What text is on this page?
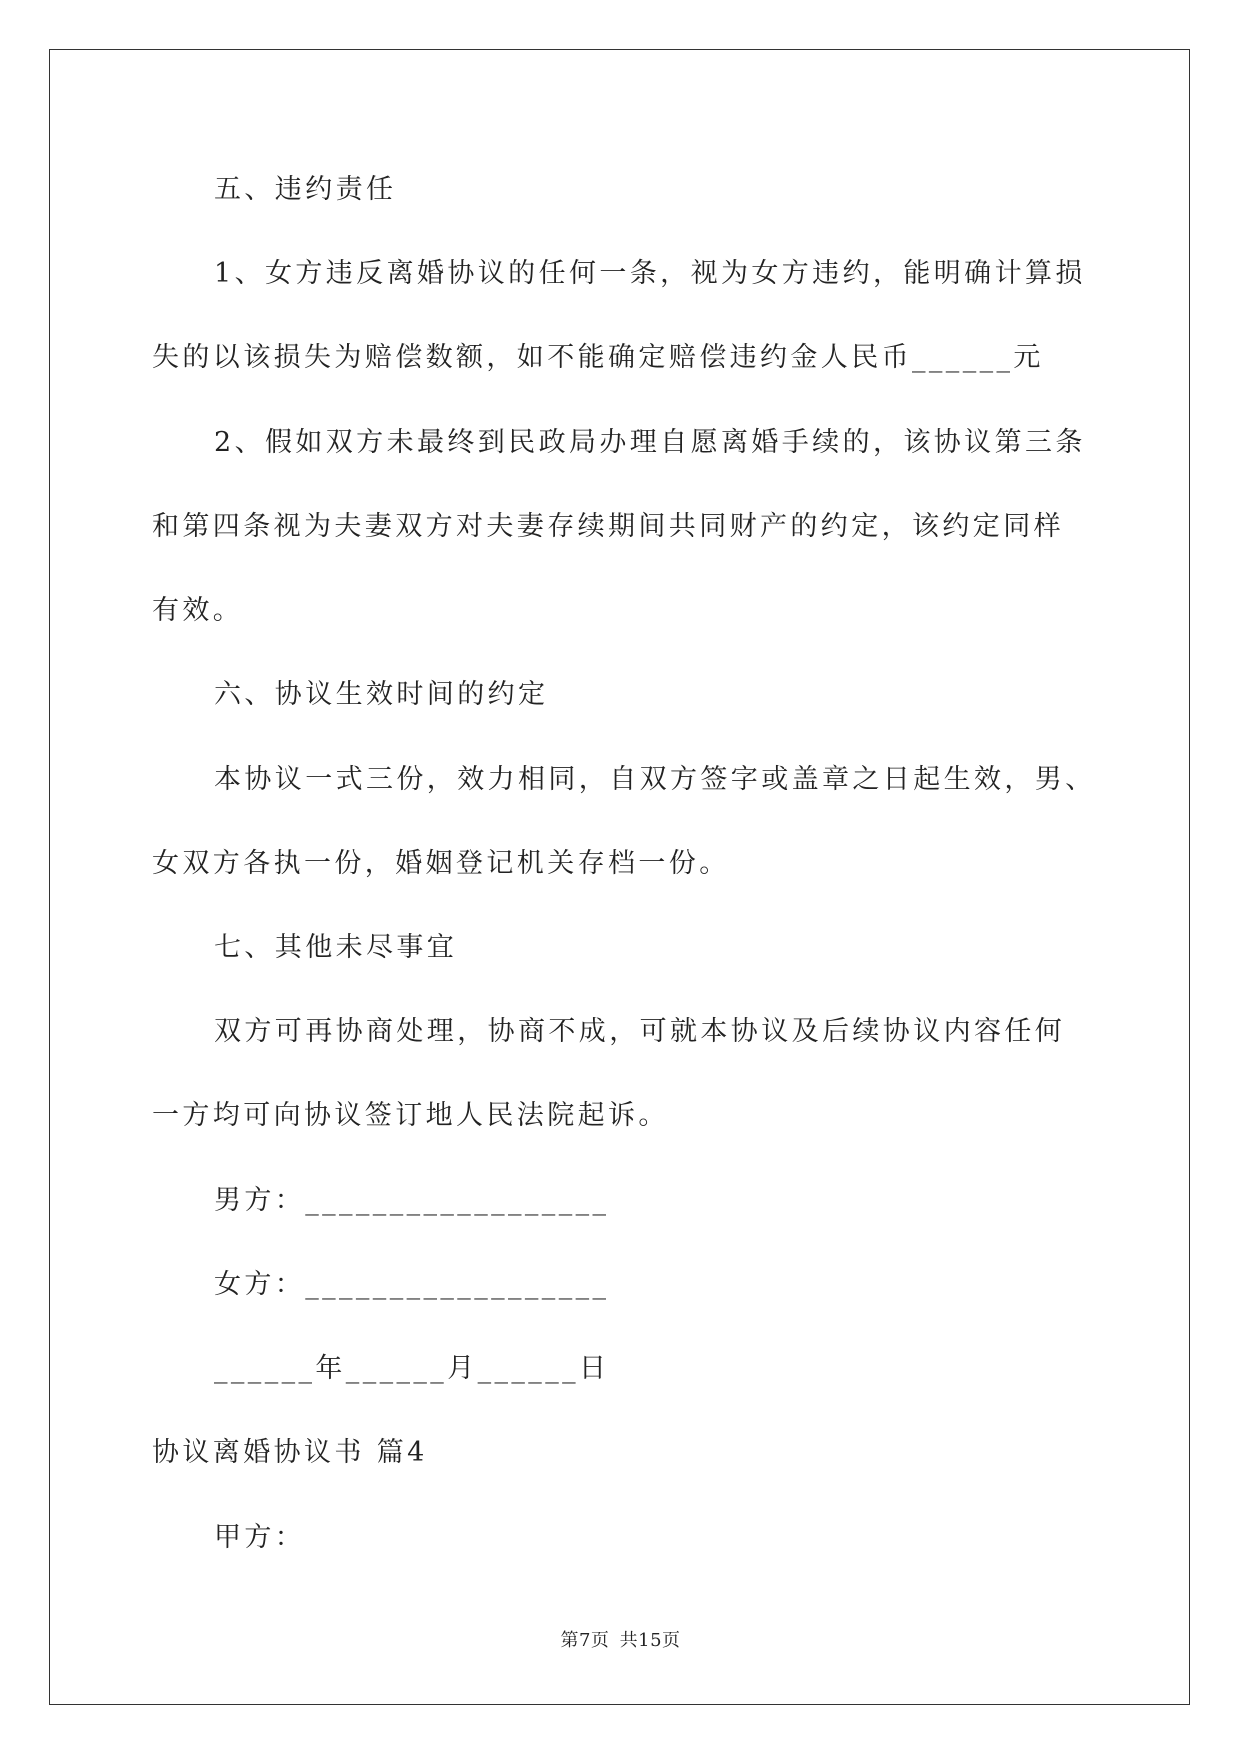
五、违约责任
1、女方违反离婚协议的任何一条，视为女方违约，能明确计算损
失的以该损失为赔偿数额，如不能确定赔偿违约金人民币______元
2、假如双方未最终到民政局办理自愿离婚手续的，该协议第三条
和第四条视为夫妻双方对夫妻存续期间共同财产的约定，该约定同样
有效。
六、协议生效时间的约定
本协议一式三份，效力相同，自双方签字或盖章之日起生效，男、
女双方各执一份，婚姻登记机关存档一份。
七、其他未尽事宜
双方可再协商处理，协商不成，可就本协议及后续协议内容任何
一方均可向协议签订地人民法院起诉。
男方：__________________
女方：__________________
______年______月______日
协议离婚协议书 篇4
甲方：
第7页 共15页
